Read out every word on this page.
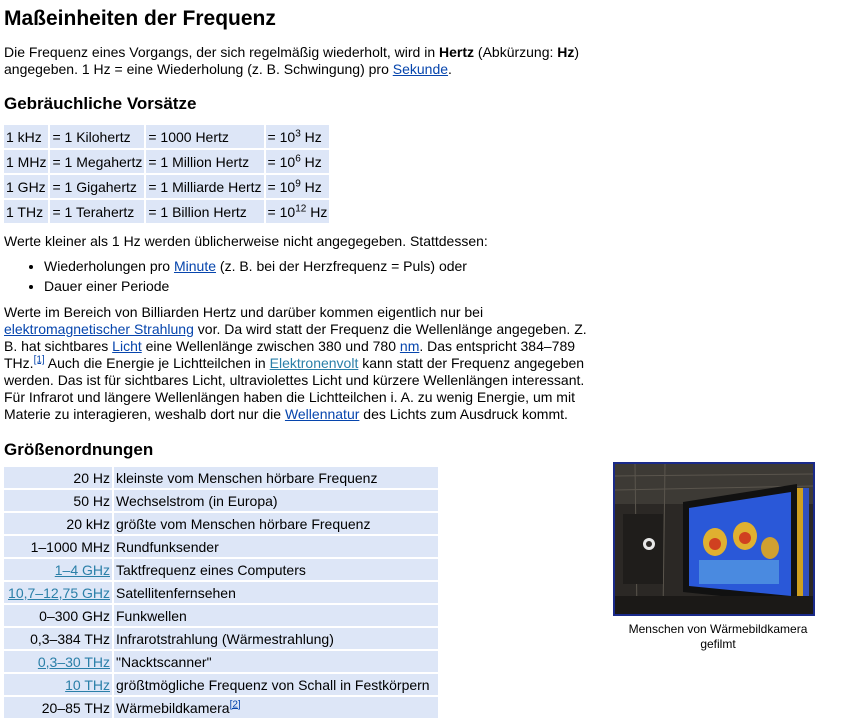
Maßeinheiten der Frequenz

Die Frequenz eines Vorgangs, der sich regelmäßig wiederholt, wird in Hertz (Abkürzung: Hz) angegeben. 1 Hz = eine Wiederholung (z. B. Schwingung) pro Sekunde.

Gebräuchliche Vorsätze
1 kHz	= 1 Kilohertz	= 1000 Hertz	= $10^3$ Hz
1 MHz	= 1 Megahertz	= 1 Million Hertz	= $10^6$ Hz
1 GHz	= 1 Gigahertz	= 1 Milliarde Hertz	= $10^9$ Hz
1 THz	= 1 Terahertz	= 1 Billion Hertz	= $10^{12}$ Hz

Werte kleiner als 1 Hz werden üblicherweise nicht angegegeben. Stattdessen:

• Wiederholungen pro Minute (z. B. bei der Herzfrequenz = Puls) oder
• Dauer einer Periode

Werte im Bereich von Billiarden Hertz und darüber kommen eigentlich nur bei elektromagnetischer Strahlung vor. Da wird statt der Frequenz die Wellenlänge angegeben. Z. B. hat sichtbares Licht eine Wellenlänge zwischen 380 und 780 nm. Das entspricht 384–789 THz.[1] Auch die Energie je Lichtteilchen in Elektronenvolt kann statt der Frequenz angegeben werden. Das ist für sichtbares Licht, ultraviolettes Licht und kürzere Wellenlängen interessant. Für Infrarot und längere Wellenlängen haben die Lichtteilchen i. A. zu wenig Energie, um mit Materie zu interagieren, weshalb dort nur die Wellennatur des Lichts zum Ausdruck kommt.

Größenordnungen
20 Hz	kleinste vom Menschen hörbare Frequenz
50 Hz	Wechselstrom (in Europa)
20 kHz	größte vom Menschen hörbare Frequenz
1–1000 MHz	Rundfunksender
1–4 GHz	Taktfrequenz eines Computers
10,7–12,75 GHz	Satellitenfernsehen
0–300 GHz	Funkwellen
0,3–384 THz	Infrarotstrahlung (Wärmestrahlung)
0,3–30 THz	"Nacktscanner"
10 THz	größtmögliche Frequenz von Schall in Festkörpern
20–85 THz	Wärmebildkamera[2]
Menschen von Wärmebildkamera gefilmt
